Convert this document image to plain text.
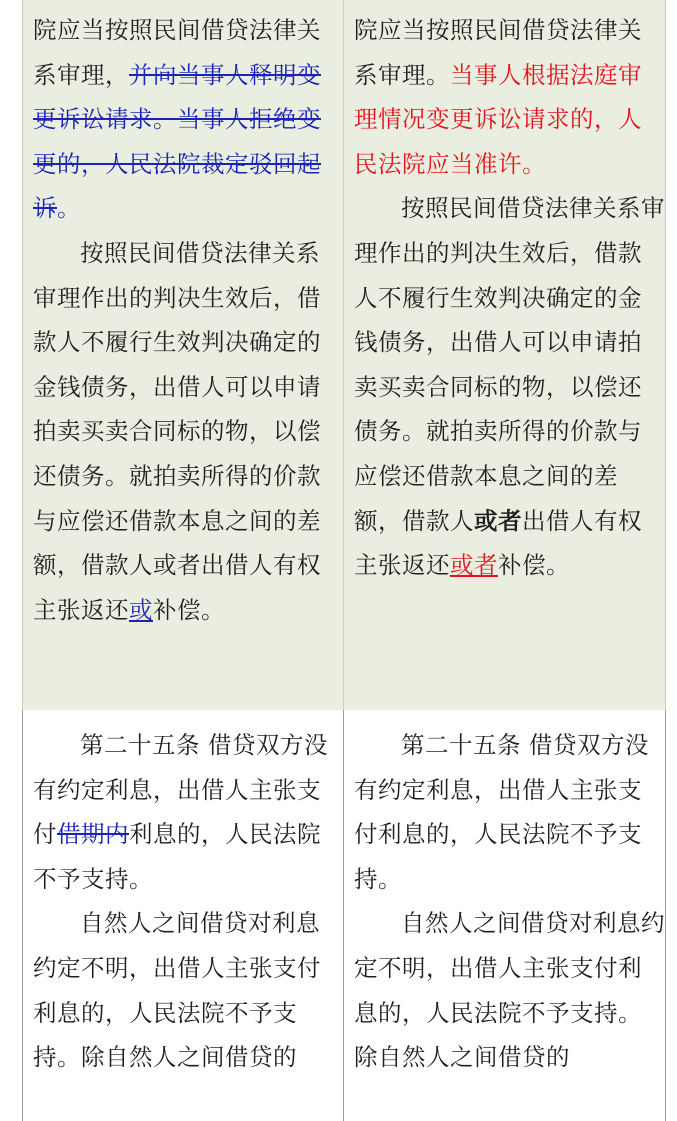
院应当按照民间借贷法律关系审理，并向当事人释明变更诉讼请求。当事人拒绝变更的，人民法院裁定驳回起诉。

按照民间借贷法律关系审理作出的判决生效后，借款人不履行生效判决确定的金钱债务，出借人可以申请拍卖买卖合同标的物，以偿还债务。就拍卖所得的价款与应偿还借款本息之间的差额，借款人或者出借人有权主张返还或补偿。

院应当按照民间借贷法律关系审理。当事人根据法庭审理情况变更诉讼请求的，人民法院应当准许。

按照民间借贷法律关系审理作出的判决生效后，借款人不履行生效判决确定的金钱债务，出借人可以申请拍卖买卖合同标的物，以偿还债务。就拍卖所得的价款与应偿还借款本息之间的差额，借款人或者出借人有权主张返还或者补偿。

第二十五条 借贷双方没有约定利息，出借人主张支付借期内利息的，人民法院不予支持。

自然人之间借贷对利息约定不明，出借人主张支付利息的，人民法院不予支持。除自然人之间借贷的

第二十五条 借贷双方没有约定利息，出借人主张支付利息的，人民法院不予支持。

自然人之间借贷对利息约定不明，出借人主张支付利息的，人民法院不予支持。除自然人之间借贷的
